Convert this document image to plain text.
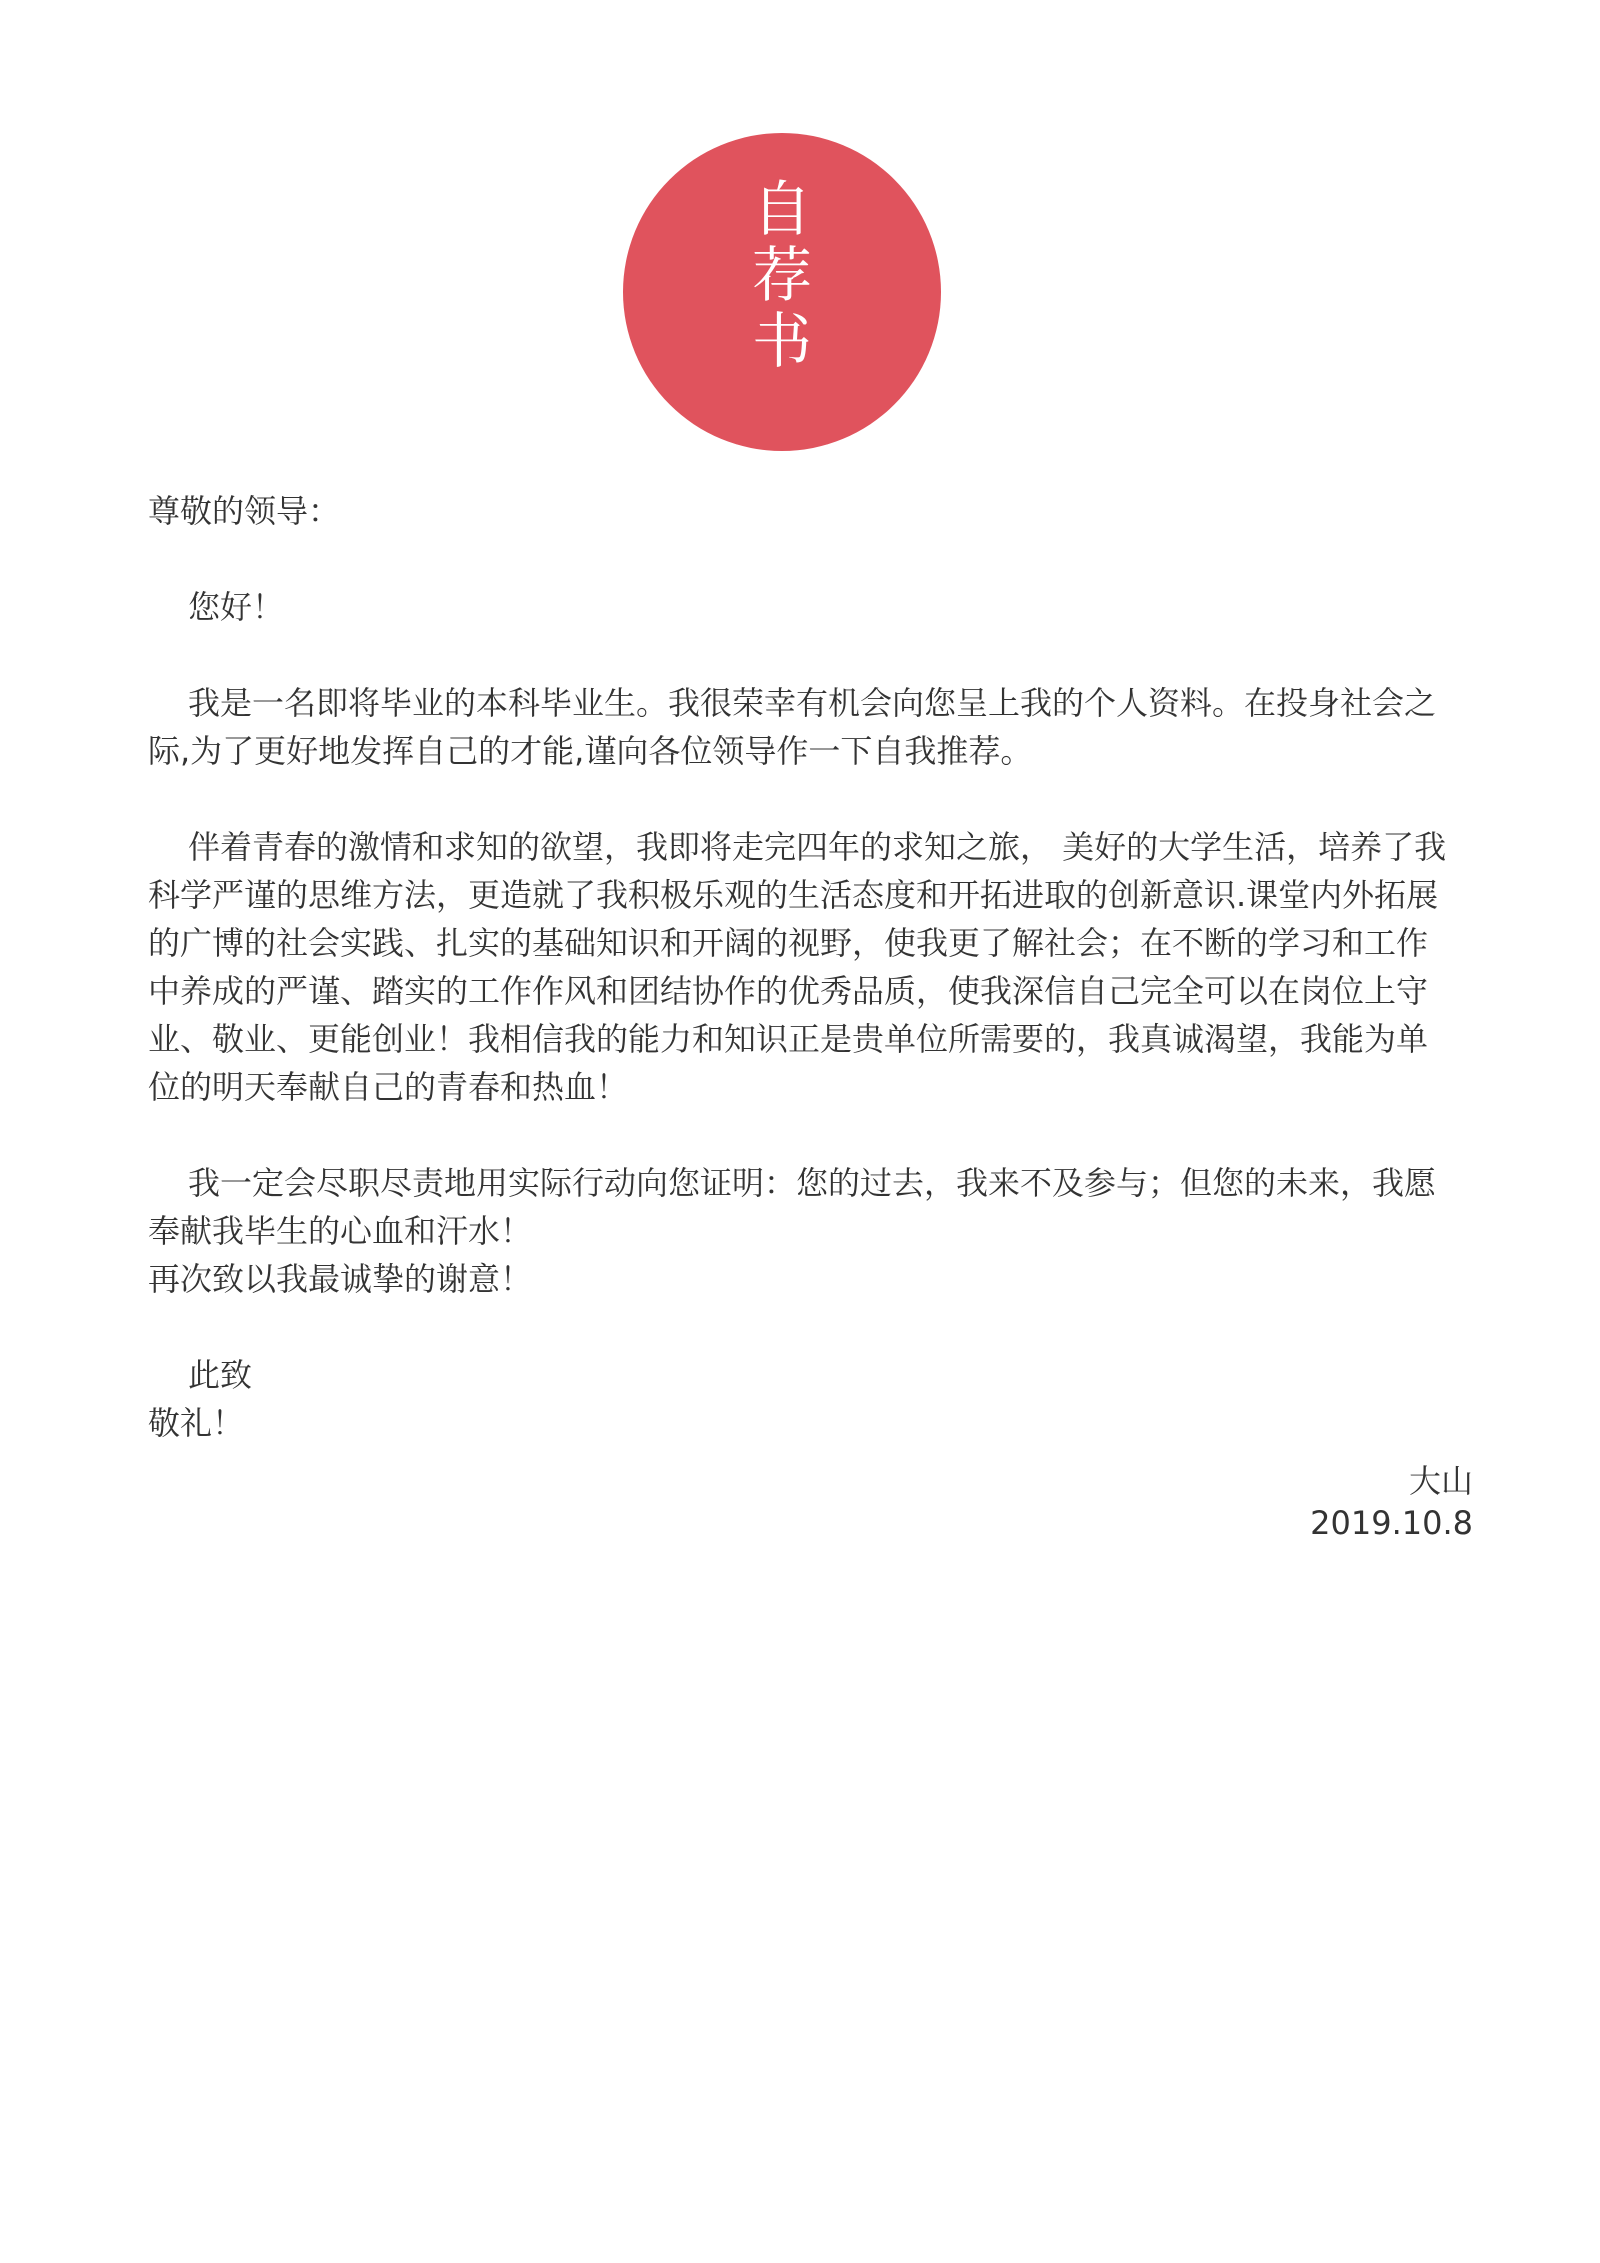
自
荐
书

尊敬的领导：

您好！

我是一名即将毕业的本科毕业生。我很荣幸有机会向您呈上我的个人资料。在投身社会之

际,为了更好地发挥自己的才能,谨向各位领导作一下自我推荐。

伴着青春的激情和求知的欲望，我即将走完四年的求知之旅， 美好的大学生活，培养了我

科学严谨的思维方法，更造就了我积极乐观的生活态度和开拓进取的创新意识.课堂内外拓展

的广博的社会实践、扎实的基础知识和开阔的视野，使我更了解社会；在不断的学习和工作

中养成的严谨、踏实的工作作风和团结协作的优秀品质，使我深信自己完全可以在岗位上守

业、敬业、更能创业！我相信我的能力和知识正是贵单位所需要的，我真诚渴望，我能为单

位的明天奉献自己的青春和热血！

我一定会尽职尽责地用实际行动向您证明：您的过去，我来不及参与；但您的未来，我愿

奉献我毕生的心血和汗水！

再次致以我最诚挚的谢意！

此致

敬礼！

大山
2019.10.8
